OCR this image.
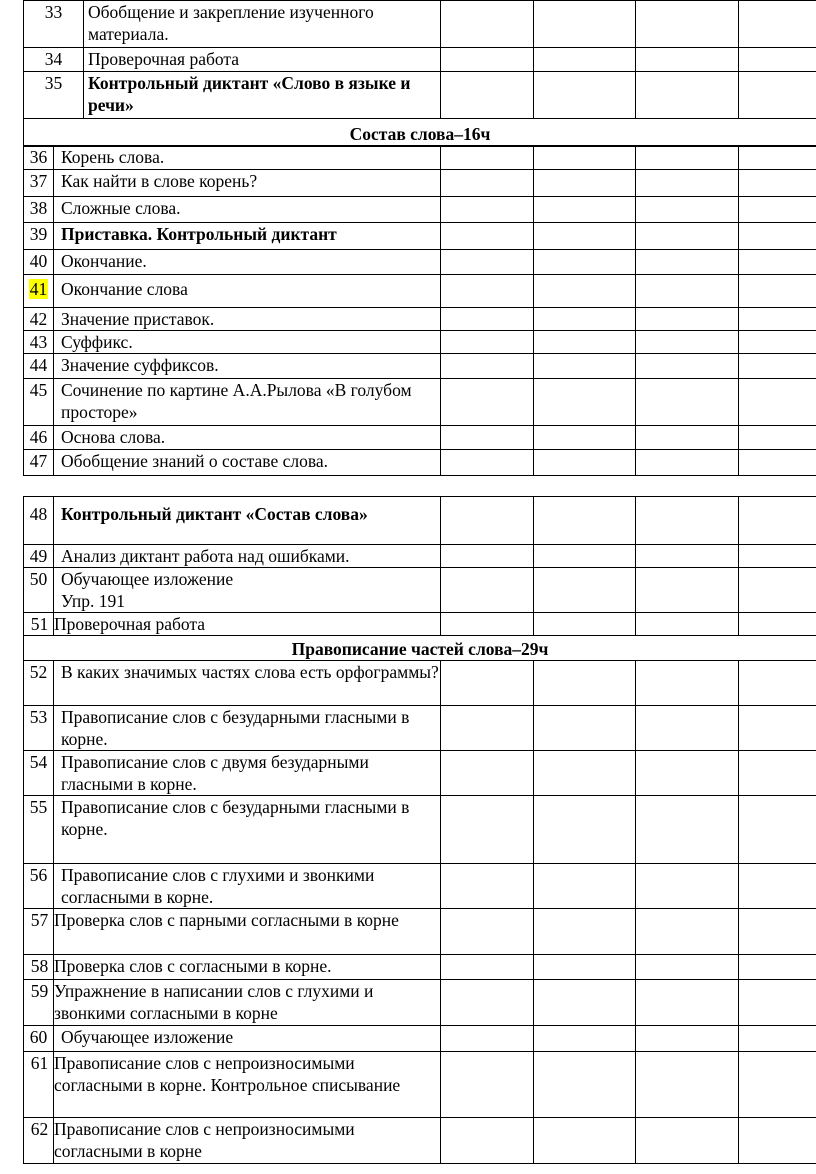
33	Обобщение и закрепление изученного материала.				
34	Проверочная работа				
35	Контрольный диктант «Слово в языке и речи»				
Состав слова–16ч					
36	Корень слова.				
37	Как найти в слове корень?				
38	Сложные слова.				
39	Приставка. Контрольный диктант				
40	Окончание.				
41	Окончание слова				
42	Значение приставок.				
43	Суффикс.				
44	Значение суффиксов.				
45	Сочинение по картине А.А.Рылова «В голубом просторе»				
46	Основа слова.				
47	Обобщение знаний о составе слова.				
48	Контрольный диктант «Состав слова»				
49	Анализ диктант работа над ошибками.				
50	Обучающее изложение
Упр. 191				

51	Проверочная работа				
Правописание частей слова–29ч					
52	В каких значимых частях слова есть орфограммы?				
53	Правописание слов с безударными гласными в корне.				
54	Правописание слов с двумя безударными гласными в корне.				
55	Правописание слов с безударными гласными в корне.				
56	Правописание слов с глухими и звонкими согласными в корне.				
57	Проверка слов с парными согласными в корне				
58	Проверка слов с согласными в корне.				
59	Упражнение в написании слов с глухими и звонкими согласными в корне				
60	Обучающее изложение				
61	Правописание слов с непроизносимыми согласными в корне. Контрольное списывание				
62	Правописание слов с непроизносимыми согласными в корне				
